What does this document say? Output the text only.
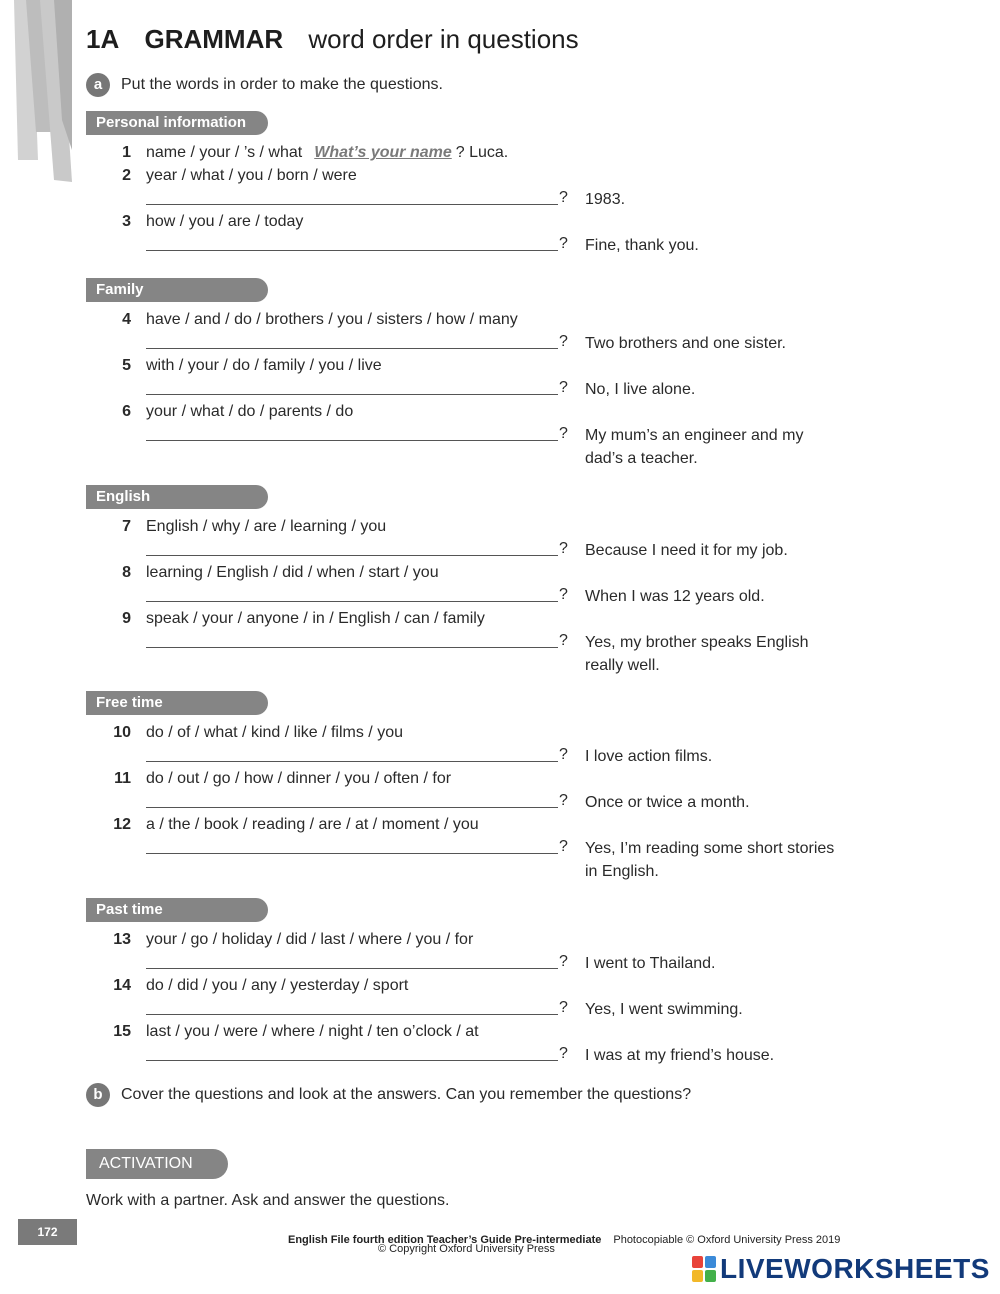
1A GRAMMAR word order in questions
a	Put the words in order to make the questions.
Personal information
1 name / your / ’s / what What’s your name ? Luca.
2 year / what / you / born / were
? 1983.
3 how / you / are / today
? Fine, thank you.
Family
4 have / and / do / brothers / you / sisters / how / many
? Two brothers and one sister.
5 with / your / do / family / you / live
? No, I live alone.
6 your / what / do / parents / do
? My mum’s an engineer and my dad’s a teacher.
English
7 English / why / are / learning / you
? Because I need it for my job.
8 learning / English / did / when / start / you
? When I was 12 years old.
9 speak / your / anyone / in / English / can / family
? Yes, my brother speaks English really well.
Free time
10 do / of / what / kind / like / films / you
? I love action films.
11 do / out / go / how / dinner / you / often / for
? Once or twice a month.
12 a / the / book / reading / are / at / moment / you
? Yes, I’m reading some short stories in English.
Past time
13 your / go / holiday / did / last / where / you / for
? I went to Thailand.
14 do / did / you / any / yesterday / sport
? Yes, I went swimming.
15 last / you / were / where / night / ten o’clock / at
? I was at my friend’s house.
b	Cover the questions and look at the answers. Can you remember the questions?
ACTIVATION
Work with a partner. Ask and answer the questions.
172
English File fourth edition Teacher’s Guide Pre-intermediate Photocopiable © Oxford University Press 2019
© Copyright Oxford University Press
LIVEWORKSHEETS
